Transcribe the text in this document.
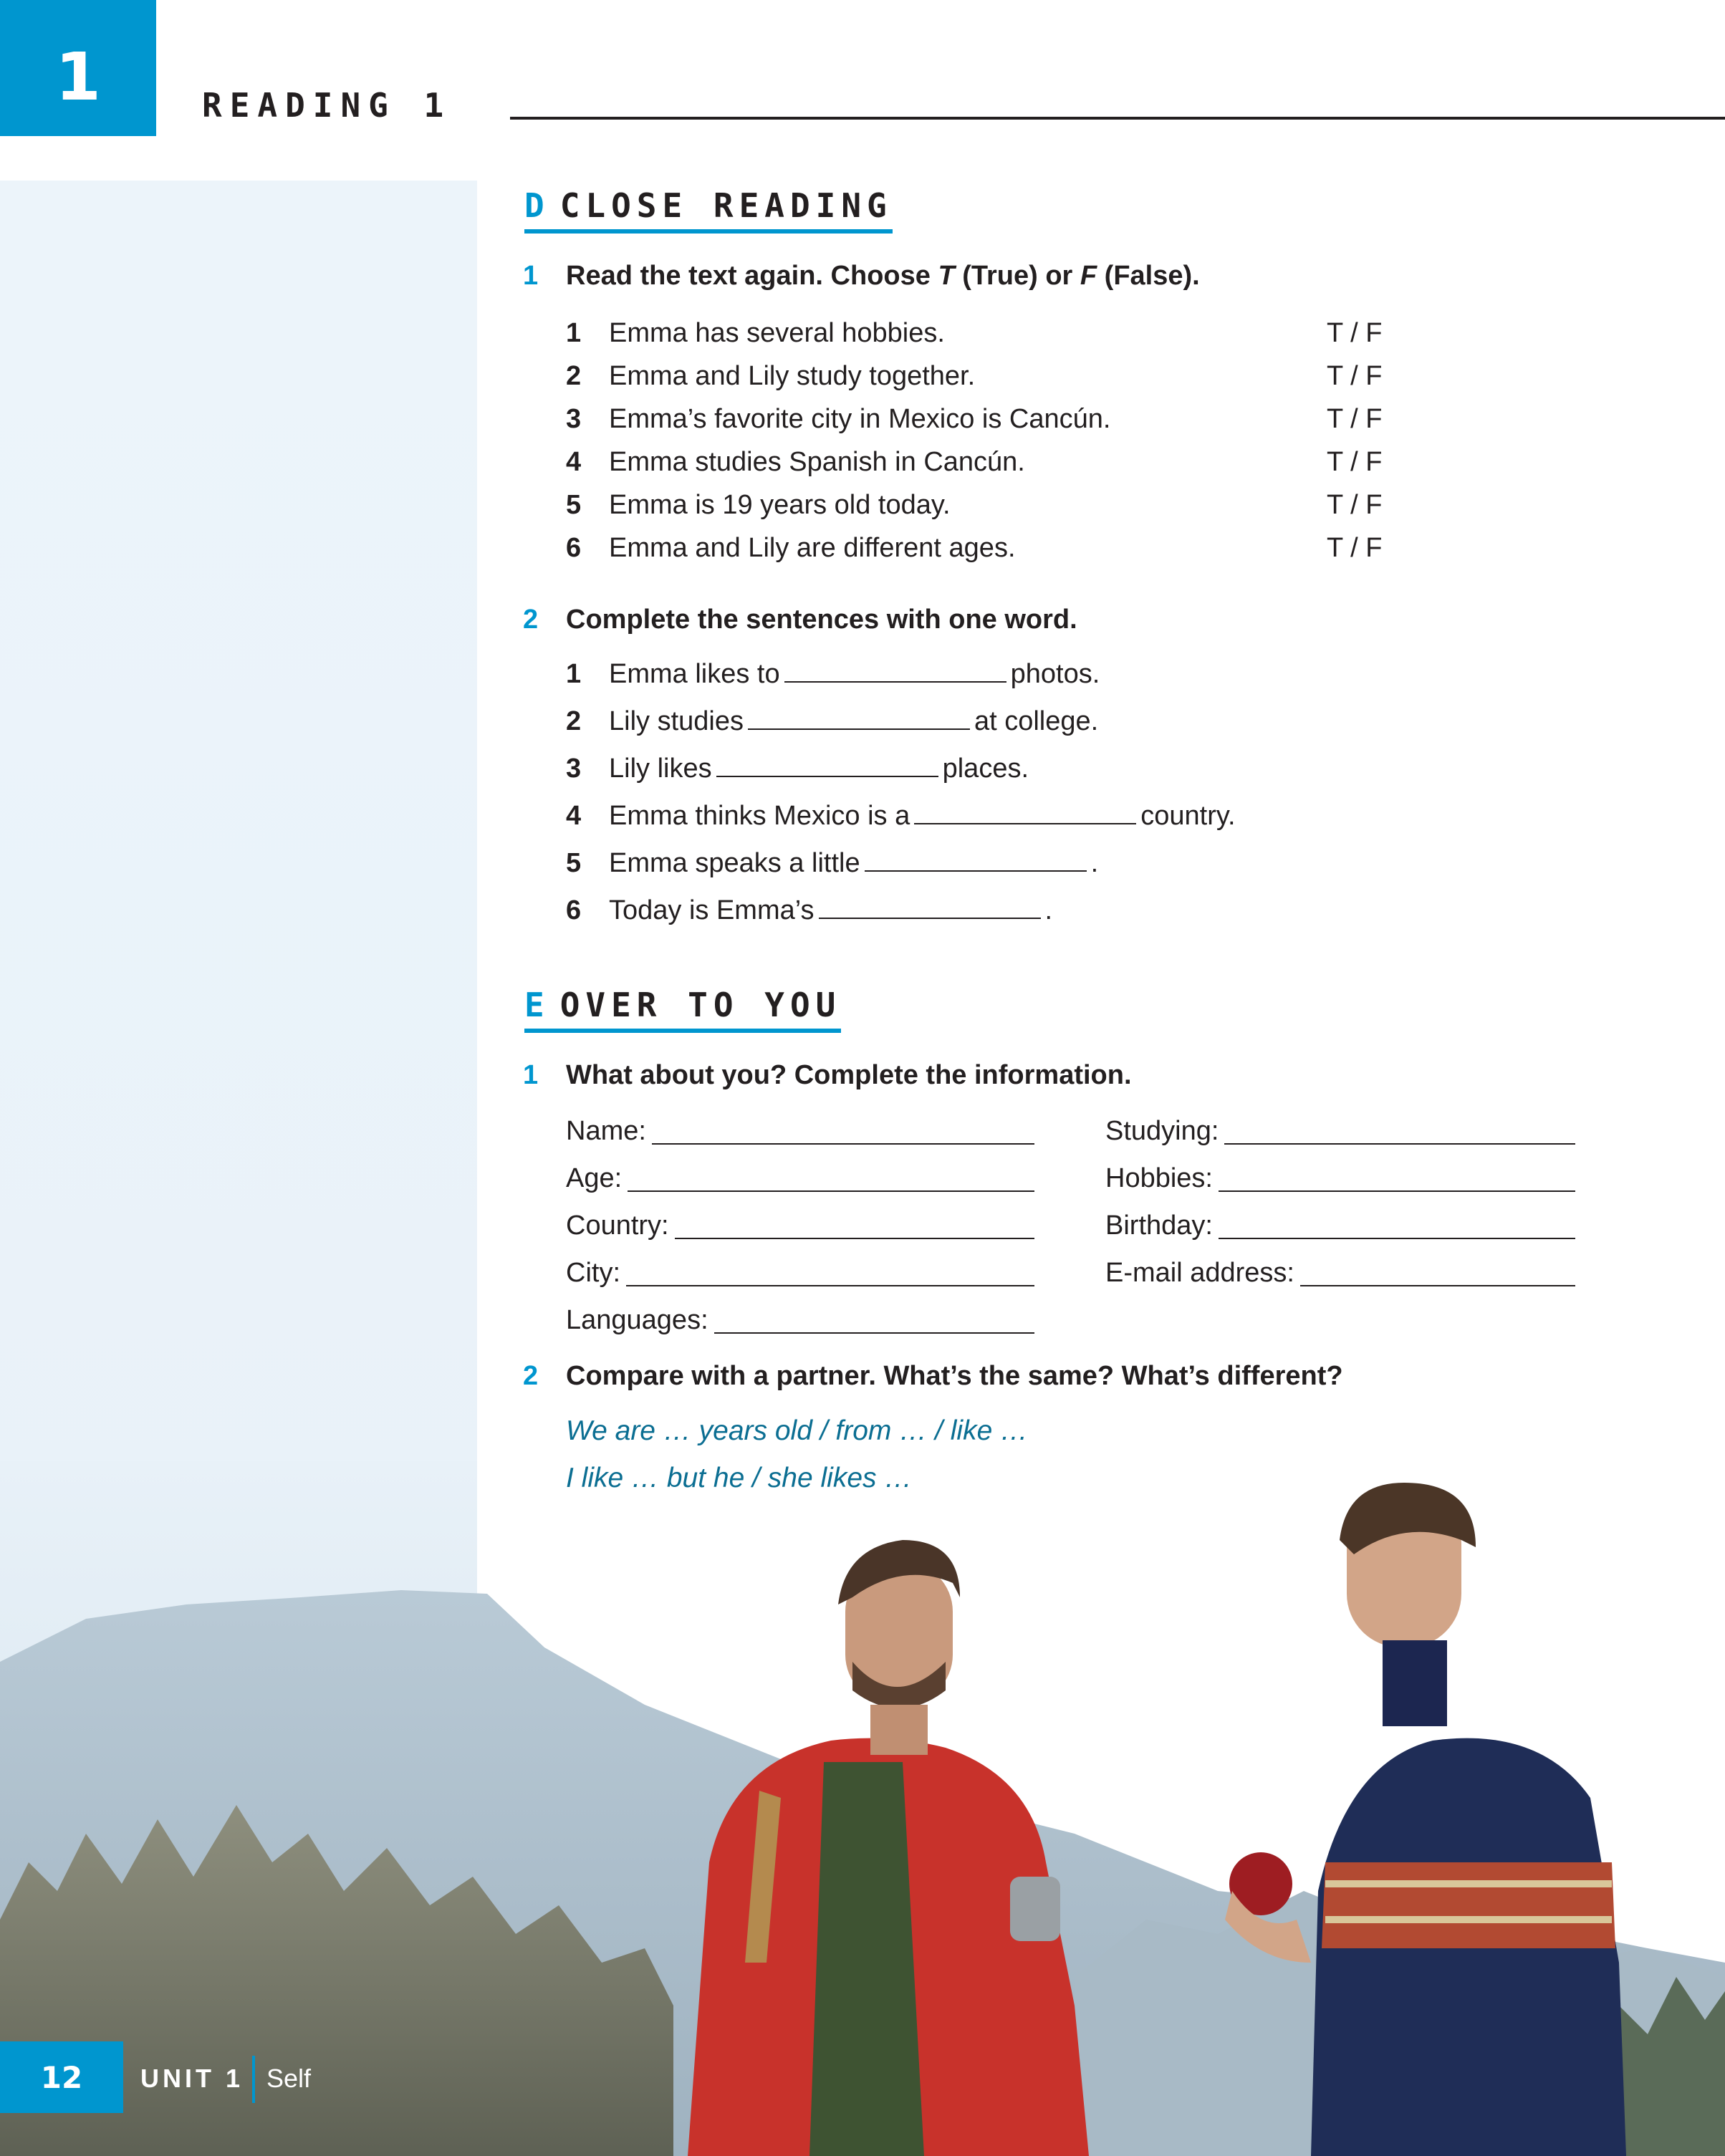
1	READING 1
D CLOSE READING
1 Read the text again. Choose T (True) or F (False).
1 Emma has several hobbies.	T / F
2 Emma and Lily study together.	T / F
3 Emma’s favorite city in Mexico is Cancún.	T / F
4 Emma studies Spanish in Cancún.	T / F
5 Emma is 19 years old today.	T / F
6 Emma and Lily are different ages.	T / F
2 Complete the sentences with one word.
1 Emma likes to	photos.
2 Lily studies	at college.
3 Lily likes	places.
4 Emma thinks Mexico is a	country.
5 Emma speaks a little	.
6 Today is Emma’s	.
E OVER TO YOU
1 What about you? Complete the information.
Name:
Age:
Country:
City:
Languages:
Studying:
Hobbies:
Birthday:
E-mail address:
2 Compare with a partner. What’s the same? What’s different?
We are … years old / from … / like …
I like … but he / she likes …
12	UNIT 1 Self
